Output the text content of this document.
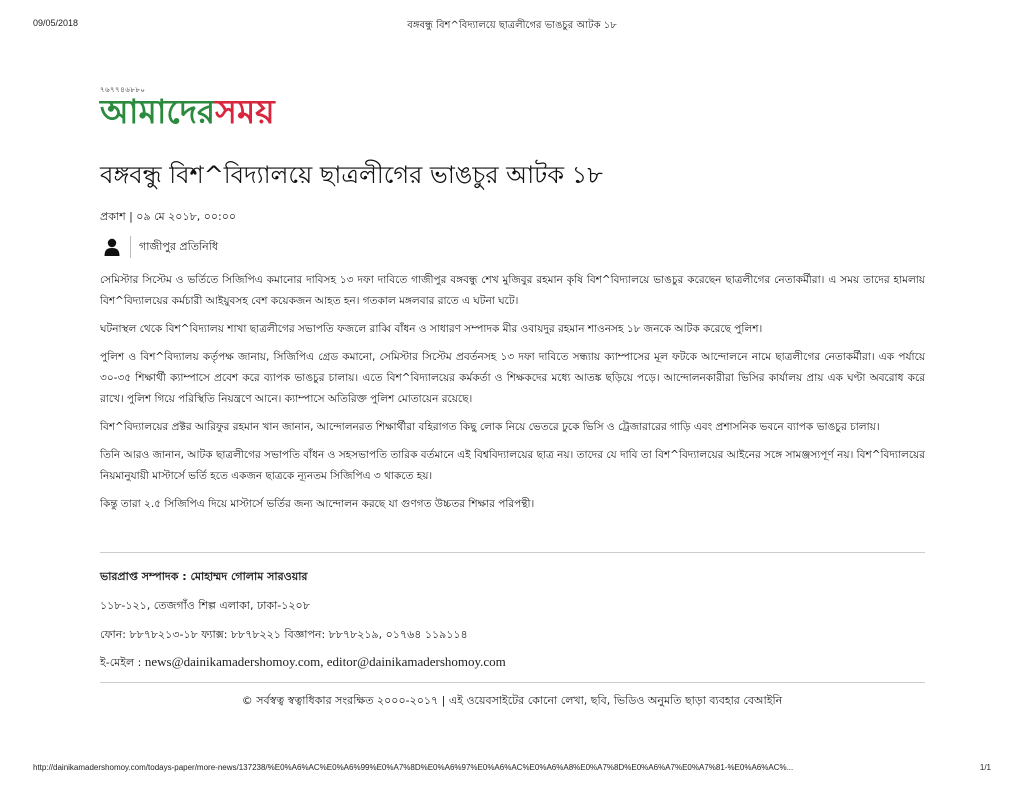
09/05/2018	বঙ্গবন্ধু বিশ^বিদ্যালয়ে ছাত্রলীগের ভাঙচুর আটক ১৮
৭৬৭৭৪৬৮৮০
আমাদেরসময়
বঙ্গবন্ধু বিশ^বিদ্যালয়ে ছাত্রলীগের ভাঙচুর আটক ১৮
প্রকাশ | ০৯ মে ২০১৮, ০০:০০
গাজীপুর প্রতিনিধি

সেমিস্টার সিস্টেম ও ভর্তিতে সিজিপিএ কমানোর দাবিসহ ১৩ দফা দাবিতে গাজীপুর বঙ্গবন্ধু শেখ মুজিবুর রহমান কৃষি বিশ^বিদ্যালয়ে ভাঙচুর করেছেন ছাত্রলীগের নেতাকর্মীরা। এ সময় তাদের হামলায় বিশ^বিদ্যালয়ের কর্মচারী আইয়ুবসহ বেশ কয়েকজন আহত হন। গতকাল মঙ্গলবার রাতে এ ঘটনা ঘটে।

ঘটনাস্থল থেকে বিশ^বিদ্যালয় শাখা ছাত্রলীগের সভাপতি ফজলে রাব্বি বাঁধন ও সাধারণ সম্পাদক মীর ওবায়দুর রহমান শাওনসহ ১৮ জনকে আটক করেছে পুলিশ।

পুলিশ ও বিশ^বিদ্যালয় কর্তৃপক্ষ জানায়, সিজিপিএ গ্রেড কমানো, সেমিস্টার সিস্টেম প্রবর্তনসহ ১৩ দফা দাবিতে সন্ধ্যায় ক্যাম্পাসের মূল ফটকে আন্দোলনে নামে ছাত্রলীগের নেতাকর্মীরা। এক পর্যায়ে ৩০-৩৫ শিক্ষার্থী ক্যাম্পাসে প্রবেশ করে ব্যাপক ভাঙচুর চালায়। এতে বিশ^বিদ্যালয়ের কর্মকর্তা ও শিক্ষকদের মধ্যে আতঙ্ক ছড়িয়ে পড়ে। আন্দোলনকারীরা ভিসির কার্যালয় প্রায় এক ঘণ্টা অবরোধ করে রাখে। পুলিশ গিয়ে পরিস্থিতি নিয়ন্ত্রণে আনে। ক্যাম্পাসে অতিরিক্ত পুলিশ মোতায়েন রয়েছে।

বিশ^বিদ্যালয়ের প্রক্টর আরিফুর রহমান খান জানান, আন্দোলনরত শিক্ষার্থীরা বহিরাগত কিছু লোক নিয়ে ভেতরে ঢুকে ভিসি ও ট্রেজারারের গাড়ি এবং প্রশাসনিক ভবনে ব্যাপক ভাঙচুর চালায়।

তিনি আরও জানান, আটক ছাত্রলীগের সভাপতি বাঁধন ও সহসভাপতি তারিক বর্তমানে এই বিশ্ববিদ্যালয়ের ছাত্র নয়। তাদের যে দাবি তা বিশ^বিদ্যালয়ের আইনের সঙ্গে সামঞ্জস্যপূর্ণ নয়। বিশ^বিদ্যালয়ের নিয়মানুযায়ী মাস্টার্সে ভর্তি হতে একজন ছাত্রকে ন্যূনতম সিজিপিএ ৩ থাকতে হয়।

কিন্তু তারা ২.৫ সিজিপিএ দিয়ে মাস্টার্সে ভর্তির জন্য আন্দোলন করছে যা গুণগত উচ্চতর শিক্ষার পরিপন্থী।

ভারপ্রাপ্ত সম্পাদক : মোহাম্মদ গোলাম সারওয়ার
১১৮-১২১, তেজগাঁও শিল্প এলাকা, ঢাকা-১২০৮
ফোন: ৮৮৭৮২১৩-১৮ ফ্যাক্স: ৮৮৭৮২২১ বিজ্ঞাপন: ৮৮৭৮২১৯, ০১৭৬৪ ১১৯১১৪
ই-মেইল : news@dainikamadershomoy.com, editor@dainikamadershomoy.com
© সর্বস্বত্ব স্বত্বাধিকার সংরক্ষিত ২০০০-২০১৭ | এই ওয়েবসাইটের কোনো লেখা, ছবি, ভিডিও অনুমতি ছাড়া ব্যবহার বেআইনি
http://dainikamadershomoy.com/todays-paper/more-news/137238/%E0%A6%AC%E0%A6%99%E0%A7%8D%E0%A6%97%E0%A6%AC%E0%A6%A8%E0%A7%8D%E0%A6%A7%E0%A7%81-%E0%A6%AC%...	1/1
